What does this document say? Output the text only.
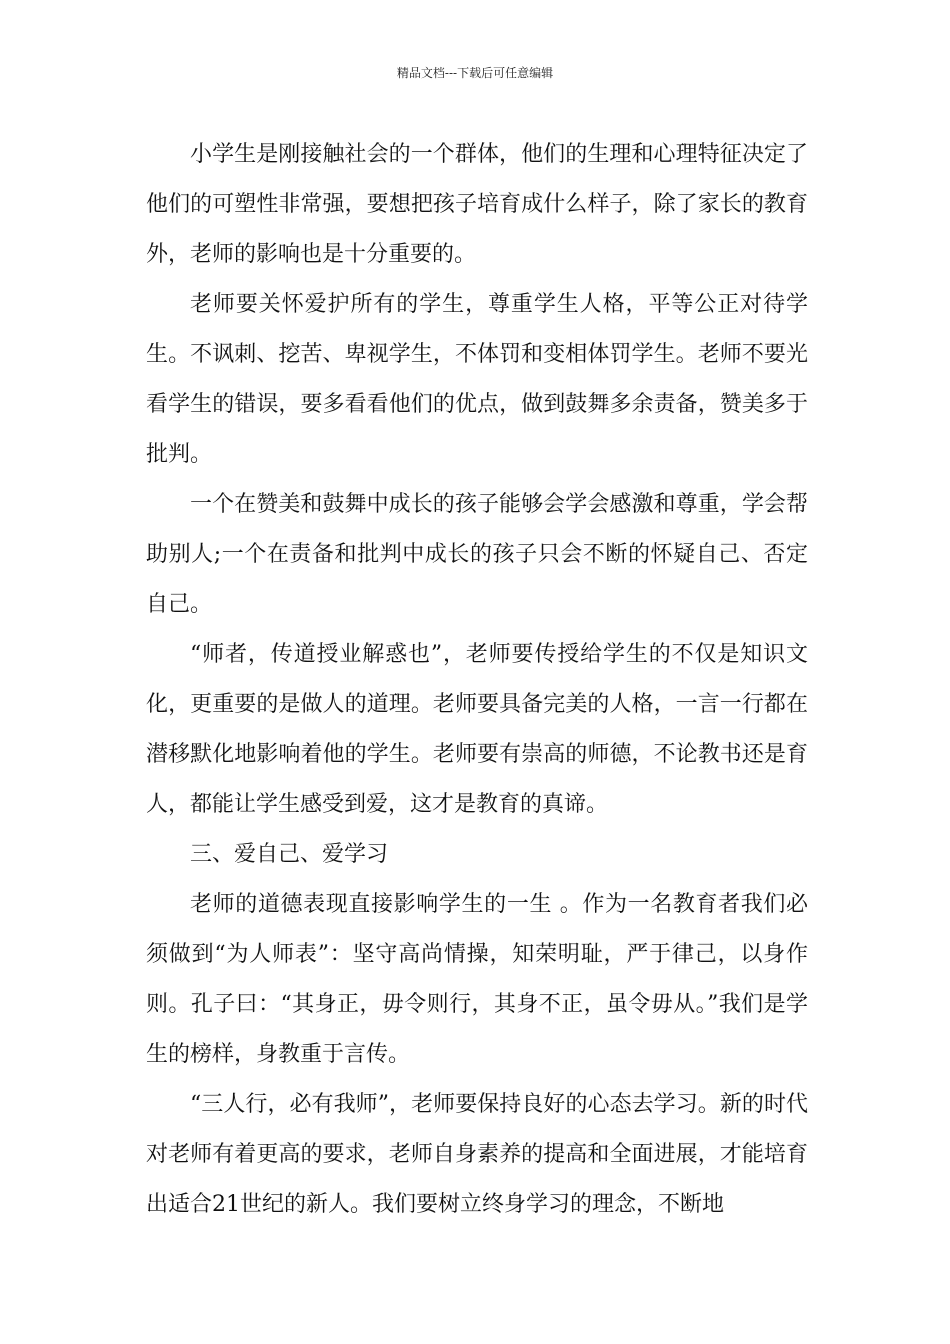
精品文档---下载后可任意编辑

小学生是刚接触社会的一个群体，他们的生理和心理特征决定了他们的可塑性非常强，要想把孩子培育成什么样子，除了家长的教育外，老师的影响也是十分重要的。

老师要关怀爱护所有的学生，尊重学生人格，平等公正对待学生。不讽刺、挖苦、卑视学生，不体罚和变相体罚学生。老师不要光看学生的错误，要多看看他们的优点，做到鼓舞多余责备，赞美多于批判。

一个在赞美和鼓舞中成长的孩子能够会学会感激和尊重，学会帮助别人;一个在责备和批判中成长的孩子只会不断的怀疑自己、否定自己。

“师者，传道授业解惑也”，老师要传授给学生的不仅是知识文化，更重要的是做人的道理。老师要具备完美的人格，一言一行都在潜移默化地影响着他的学生。老师要有崇高的师德，不论教书还是育人，都能让学生感受到爱，这才是教育的真谛。

三、爱自己、爱学习

老师的道德表现直接影响学生的一生 。作为一名教育者我们必须做到“为人师表”：坚守高尚情操，知荣明耻，严于律己，以身作则。孔子曰：“其身正，毋令则行，其身不正，虽令毋从。”我们是学生的榜样，身教重于言传。

“三人行，必有我师”，老师要保持良好的心态去学习。新的时代对老师有着更高的要求，老师自身素养的提高和全面进展，才能培育出适合21世纪的新人。我们要树立终身学习的理念，不断地
